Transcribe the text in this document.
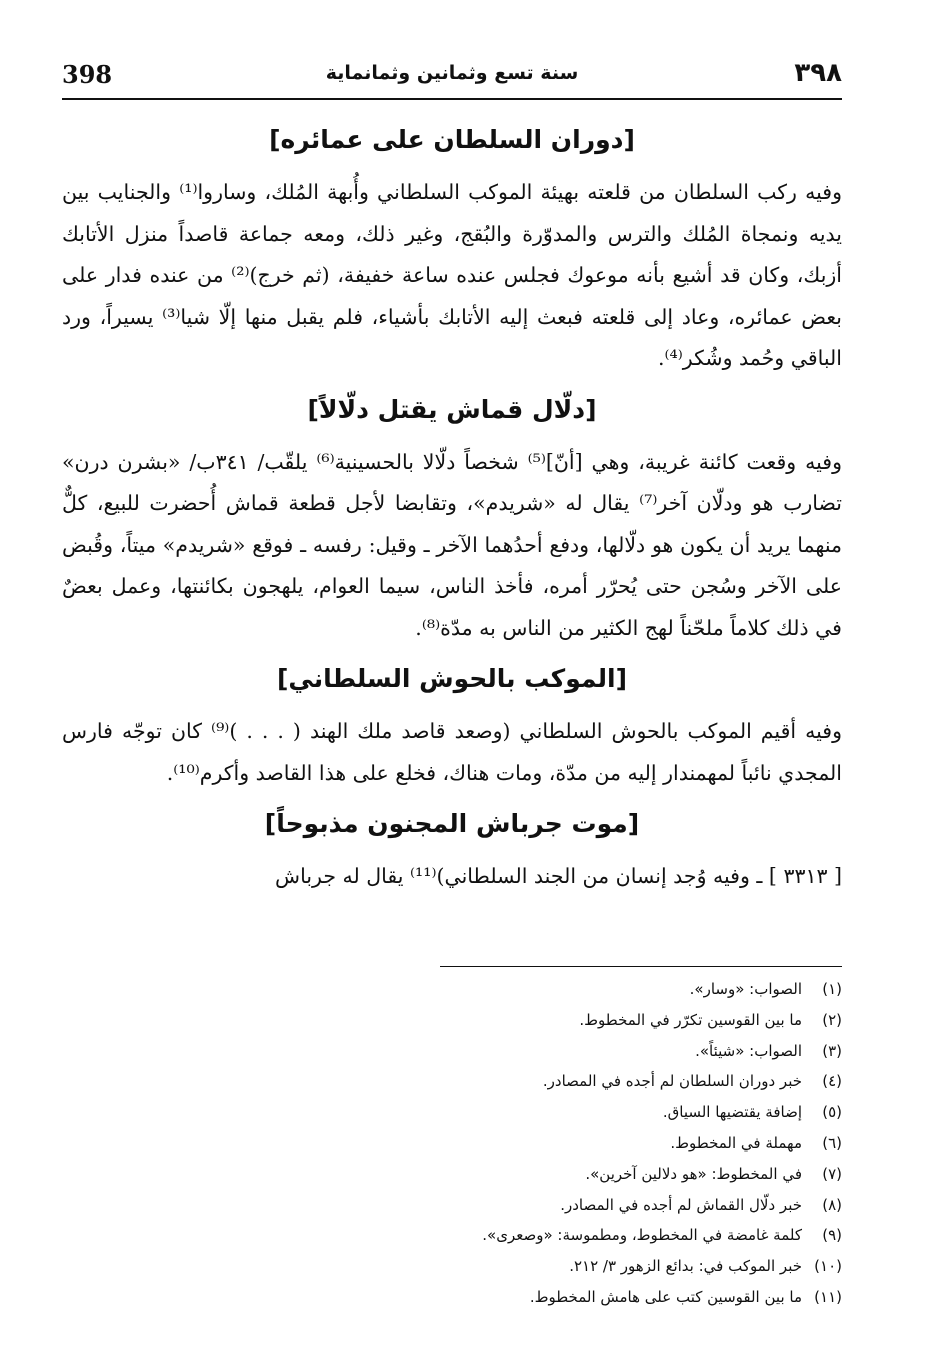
398	سنة تسع وثمانين وثمانماية	٣٩٨
[دوران السلطان على عمائره]

وفيه ركب السلطان من قلعته بهيئة الموكب السلطاني وأُبهة المُلك، وساروا⁽¹⁾ والجنايب بين يديه ونمجاة المُلك والترس والمدوّرة والبُقج، وغير ذلك، ومعه جماعة قاصداً منزل الأتابك أزبك، وكان قد أشيع بأنه موعوك فجلس عنده ساعة خفيفة، (ثم خرج)⁽²⁾ من عنده فدار على بعض عمائره، وعاد إلى قلعته فبعث إليه الأتابك بأشياء، فلم يقبل منها إلّا شيا⁽³⁾ يسيراً، ورد الباقي وحُمد وشُكر⁽⁴⁾.

[دلّال قماش يقتل دلّالاً]

وفيه وقعت كائنة غريبة، وهي [أنّ]⁽⁵⁾ شخصاً دلّالا بالحسينية⁽⁶⁾ يلقّب/ ٣٤١ب/ «بشرن درن» تضارب هو ودلّان آخر⁽⁷⁾ يقال له «شريدم»، وتقابضا لأجل قطعة قماش أُحضرت للبيع، كلٌّ منهما يريد أن يكون هو دلّالها، ودفع أحدُهما الآخر ـ وقيل: رفسه ـ فوقع «شريدم» ميتاً، وقُبض على الآخر وسُجن حتى يُحرّر أمره، فأخذ الناس، سيما العوام، يلهجون بكائنتها، وعمل بعضٌ في ذلك كلاماً ملحّناً لهج الكثير من الناس به مدّة⁽⁸⁾.

[الموكب بالحوش السلطاني]

وفيه أقيم الموكب بالحوش السلطاني (وصعد قاصد ملك الهند ( . . . )⁽⁹⁾ كان توجّه فارس المجدي نائباً لمهمندار إليه من مدّة، ومات هناك، فخلع على هذا القاصد وأكرم⁽¹⁰⁾.

[موت جرباش المجنون مذبوحاً]

[ ٣٣١٣ ] ـ وفيه وُجد إنسان من الجند السلطاني)⁽¹¹⁾ يقال له جرباش

(١)الصواب: «وسار».
(٢)ما بين القوسين تكرّر في المخطوط.
(٣)الصواب: «شيئاً».
(٤)خبر دوران السلطان لم أجده في المصادر.
(٥)إضافة يقتضيها السياق.
(٦)مهملة في المخطوط.
(٧)في المخطوط: «هو دلالين آخرين».
(٨)خبر دلّال القماش لم أجده في المصادر.
(٩)كلمة غامضة في المخطوط، ومطموسة: «وصعرى».
(١٠)خبر الموكب في: بدائع الزهور ٣/ ٢١٢.
(١١)ما بين القوسين كتب على هامش المخطوط.
